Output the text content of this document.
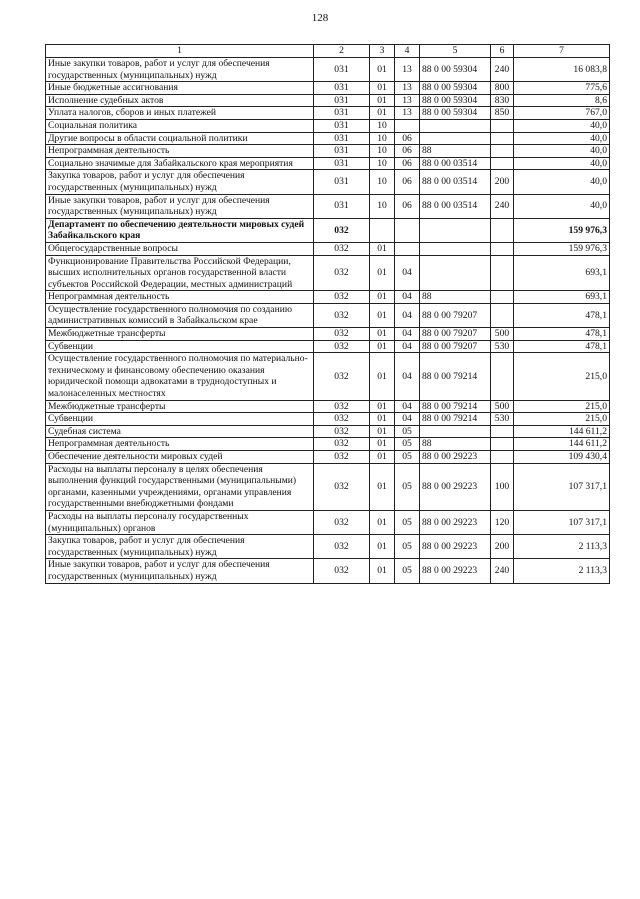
128
1	2	3	4	5	6	7
Иные закупки товаров, работ и услуг для обеспечения государственных (муниципальных) нужд	031	01	13	88 0 00 59304	240	16 083,8
Иные бюджетные ассигнования	031	01	13	88 0 00 59304	800	775,6
Исполнение судебных актов	031	01	13	88 0 00 59304	830	8,6
Уплата налогов, сборов и иных платежей	031	01	13	88 0 00 59304	850	767,0
Социальная политика	031	10				40,0
Другие вопросы в области социальной политики	031	10	06			40,0
Непрограммная деятельность	031	10	06	88		40,0
Социально значимые для Забайкальского края мероприятия	031	10	06	88 0 00 03514		40,0
Закупка товаров, работ и услуг для обеспечения государственных (муниципальных) нужд	031	10	06	88 0 00 03514	200	40,0
Иные закупки товаров, работ и услуг для обеспечения государственных (муниципальных) нужд	031	10	06	88 0 00 03514	240	40,0
Департамент по обеспечению деятельности мировых судей Забайкальского края	032					159 976,3
Общегосударственные вопросы	032	01				159 976,3
Функционирование Правительства Российской Федерации, высших исполнительных органов государственной власти субъектов Российской Федерации, местных администраций	032	01	04			693,1
Непрограммная деятельность	032	01	04	88		693,1
Осуществление государственного полномочия по созданию административных комиссий в Забайкальском крае	032	01	04	88 0 00 79207		478,1
Межбюджетные трансферты	032	01	04	88 0 00 79207	500	478,1
Субвенции	032	01	04	88 0 00 79207	530	478,1
Осуществление государственного полномочия по материально-техническому и финансовому обеспечению оказания юридической помощи адвокатами в труднодоступных и малонаселенных местностях	032	01	04	88 0 00 79214		215,0
Межбюджетные трансферты	032	01	04	88 0 00 79214	500	215,0
Субвенции	032	01	04	88 0 00 79214	530	215,0
Судебная система	032	01	05			144 611,2
Непрограммная деятельность	032	01	05	88		144 611,2
Обеспечение деятельности мировых судей	032	01	05	88 0 00 29223		109 430,4
Расходы на выплаты персоналу в целях обеспечения выполнения функций государственными (муниципальными) органами, казенными учреждениями, органами управления государственными внебюджетными фондами	032	01	05	88 0 00 29223	100	107 317,1
Расходы на выплаты персоналу государственных (муниципальных) органов	032	01	05	88 0 00 29223	120	107 317,1
Закупка товаров, работ и услуг для обеспечения государственных (муниципальных) нужд	032	01	05	88 0 00 29223	200	2 113,3
Иные закупки товаров, работ и услуг для обеспечения государственных (муниципальных) нужд	032	01	05	88 0 00 29223	240	2 113,3
